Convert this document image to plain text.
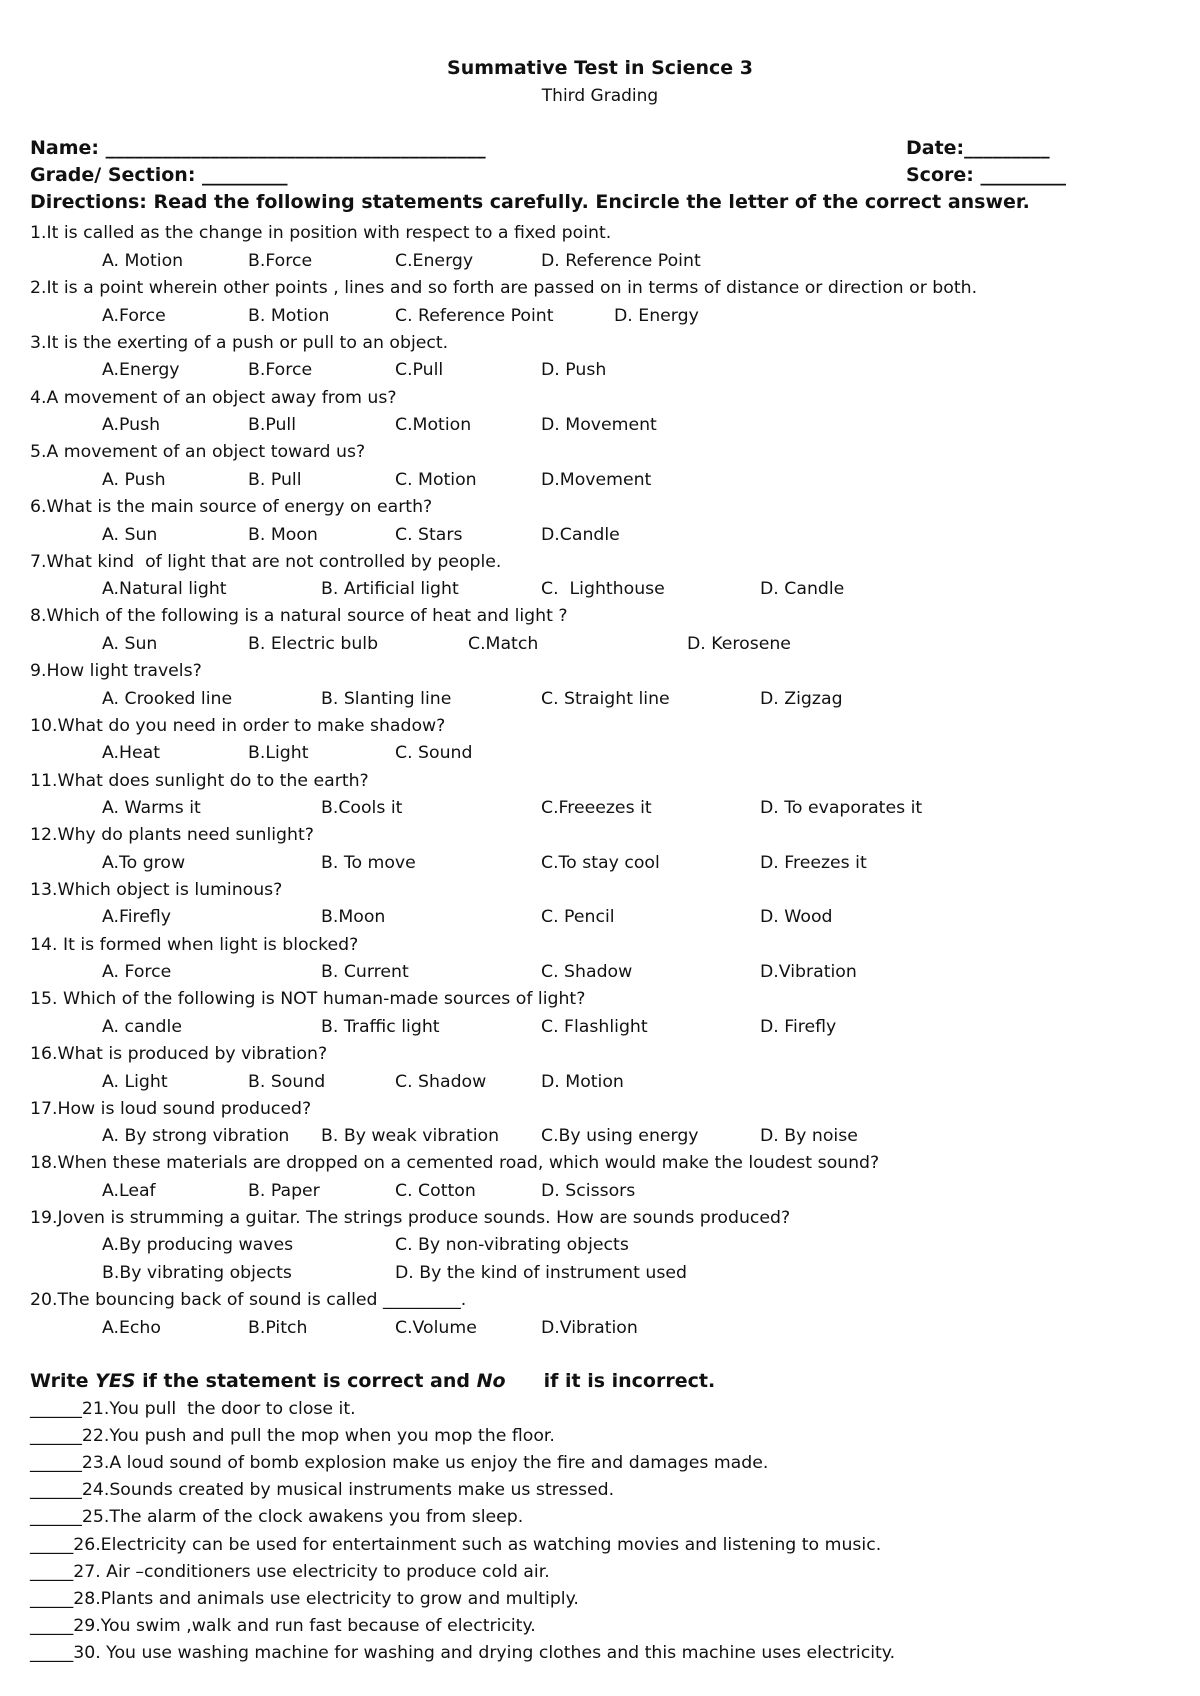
Summative Test in Science 3
Third Grading
Name: ________________________________________	Date:_________
Grade/ Section: _________	Score: _________
Directions: Read the following statements carefully. Encircle the letter of the correct answer.
1.It is called as the change in position with respect to a fixed point.
A. Motion	B.Force	C.Energy	D. Reference Point
2.It is a point wherein other points , lines and so forth are passed on in terms of distance or direction or both.
A.Force	B. Motion	C. Reference Point	D. Energy
3.It is the exerting of a push or pull to an object.
A.Energy	B.Force	C.Pull	D. Push
4.A movement of an object away from us?
A.Push	B.Pull	C.Motion	D. Movement
5.A movement of an object toward us?
A. Push	B. Pull	C. Motion	D.Movement
6.What is the main source of energy on earth?
A. Sun	B. Moon	C. Stars	D.Candle
7.What kind  of light that are not controlled by people.
A.Natural light	B. Artificial light	C.  Lighthouse	D. Candle
8.Which of the following is a natural source of heat and light ?
A. Sun	B. Electric bulb	C.Match	D. Kerosene
9.How light travels?
A. Crooked line	B. Slanting line	C. Straight line	D. Zigzag
10.What do you need in order to make shadow?
A.Heat	B.Light	C. Sound
11.What does sunlight do to the earth?
A. Warms it	B.Cools it	C.Freeezes it	D. To evaporates it
12.Why do plants need sunlight?
A.To grow	B. To move	C.To stay cool	D. Freezes it
13.Which object is luminous?
A.Firefly	B.Moon	C. Pencil	D. Wood
14. It is formed when light is blocked?
A. Force	B. Current	C. Shadow	D.Vibration
15. Which of the following is NOT human-made sources of light?
A. candle	B. Traffic light	C. Flashlight	D. Firefly
16.What is produced by vibration?
A. Light	B. Sound	C. Shadow	D. Motion
17.How is loud sound produced?
A. By strong vibration B. By weak vibration C.By using energy	D. By noise
18.When these materials are dropped on a cemented road, which would make the loudest sound?
A.Leaf	B. Paper	C. Cotton	D. Scissors
19.Joven is strumming a guitar. The strings produce sounds. How are sounds produced?
A.By producing waves	C. By non-vibrating objects
B.By vibrating objects	D. By the kind of instrument used
20.The bouncing back of sound is called _________.
A.Echo	B.Pitch	C.Volume	D.Vibration
Write YES if the statement is correct and No if it is incorrect.
______21.You pull  the door to close it.
______22.You push and pull the mop when you mop the floor.
______23.A loud sound of bomb explosion make us enjoy the fire and damages made.
______24.Sounds created by musical instruments make us stressed.
______25.The alarm of the clock awakens you from sleep.
_____26.Electricity can be used for entertainment such as watching movies and listening to music.
_____27. Air –conditioners use electricity to produce cold air.
_____28.Plants and animals use electricity to grow and multiply.
_____29.You swim ,walk and run fast because of electricity.
_____30. You use washing machine for washing and drying clothes and this machine uses electricity.
